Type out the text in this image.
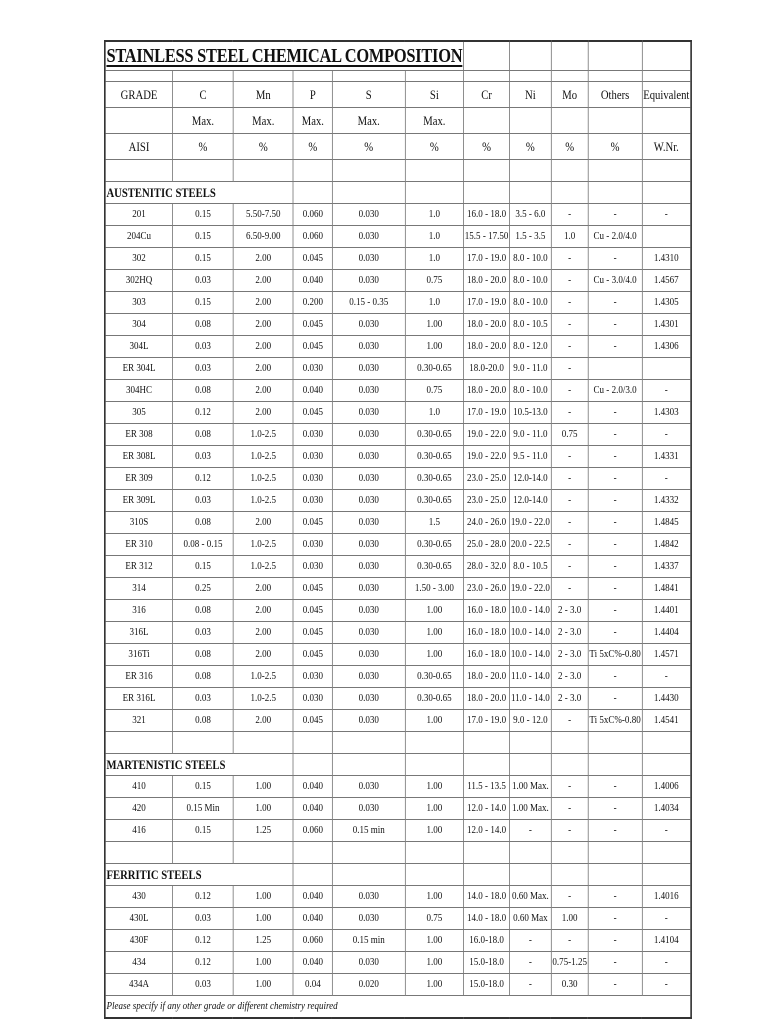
STAINLESS STEEL CHEMICAL COMPOSITION										

GRADE	C	Mn	P	S	Si	Cr	Ni	Mo	Others	Equivalent
	Max.	Max.	Max.	Max.	Max.					
AISI	%	%	%	%	%	%	%	%	%	W.Nr.

AUSTENITIC STEELS										
201	0.15	5.50-7.50	0.060	0.030	1.0	16.0 - 18.0	3.5 - 6.0	-	-	-
204Cu	0.15	6.50-9.00	0.060	0.030	1.0	15.5 - 17.50	1.5 - 3.5	1.0	Cu - 2.0/4.0	
302	0.15	2.00	0.045	0.030	1.0	17.0 - 19.0	8.0 - 10.0	-	-	1.4310
302HQ	0.03	2.00	0.040	0.030	0.75	18.0 - 20.0	8.0 - 10.0	-	Cu - 3.0/4.0	1.4567
303	0.15	2.00	0.200	0.15 - 0.35	1.0	17.0 - 19.0	8.0 - 10.0	-	-	1.4305
304	0.08	2.00	0.045	0.030	1.00	18.0 - 20.0	8.0 - 10.5	-	-	1.4301
304L	0.03	2.00	0.045	0.030	1.00	18.0 - 20.0	8.0 - 12.0	-	-	1.4306
ER 304L	0.03	2.00	0.030	0.030	0.30-0.65	18.0-20.0	9.0 - 11.0	-		
304HC	0.08	2.00	0.040	0.030	0.75	18.0 - 20.0	8.0 - 10.0	-	Cu - 2.0/3.0	-
305	0.12	2.00	0.045	0.030	1.0	17.0 - 19.0	10.5-13.0	-	-	1.4303
ER 308	0.08	1.0-2.5	0.030	0.030	0.30-0.65	19.0 - 22.0	9.0 - 11.0	0.75	-	-
ER 308L	0.03	1.0-2.5	0.030	0.030	0.30-0.65	19.0 - 22.0	9.5 - 11.0	-	-	1.4331
ER 309	0.12	1.0-2.5	0.030	0.030	0.30-0.65	23.0 - 25.0	12.0-14.0	-	-	-
ER 309L	0.03	1.0-2.5	0.030	0.030	0.30-0.65	23.0 - 25.0	12.0-14.0	-	-	1.4332
310S	0.08	2.00	0.045	0.030	1.5	24.0 - 26.0	19.0 - 22.0	-	-	1.4845
ER 310	0.08 - 0.15	1.0-2.5	0.030	0.030	0.30-0.65	25.0 - 28.0	20.0 - 22.5	-	-	1.4842
ER 312	0.15	1.0-2.5	0.030	0.030	0.30-0.65	28.0 - 32.0	8.0 - 10.5	-	-	1.4337
314	0.25	2.00	0.045	0.030	1.50 - 3.00	23.0 - 26.0	19.0 - 22.0	-	-	1.4841
316	0.08	2.00	0.045	0.030	1.00	16.0 - 18.0	10.0 - 14.0	2 - 3.0	-	1.4401
316L	0.03	2.00	0.045	0.030	1.00	16.0 - 18.0	10.0 - 14.0	2 - 3.0	-	1.4404
316Ti	0.08	2.00	0.045	0.030	1.00	16.0 - 18.0	10.0 - 14.0	2 - 3.0	Ti 5xC%-0.80	1.4571
ER 316	0.08	1.0-2.5	0.030	0.030	0.30-0.65	18.0 - 20.0	11.0 - 14.0	2 - 3.0	-	-
ER 316L	0.03	1.0-2.5	0.030	0.030	0.30-0.65	18.0 - 20.0	11.0 - 14.0	2 - 3.0	-	1.4430
321	0.08	2.00	0.045	0.030	1.00	17.0 - 19.0	9.0 - 12.0	-	Ti 5xC%-0.80	1.4541

MARTENISTIC STEELS										
410	0.15	1.00	0.040	0.030	1.00	11.5 - 13.5	1.00 Max.	-	-	1.4006
420	0.15 Min	1.00	0.040	0.030	1.00	12.0 - 14.0	1.00 Max.	-	-	1.4034
416	0.15	1.25	0.060	0.15 min	1.00	12.0 - 14.0	-	-	-	-

FERRITIC STEELS										
430	0.12	1.00	0.040	0.030	1.00	14.0 - 18.0	0.60 Max.	-	-	1.4016
430L	0.03	1.00	0.040	0.030	0.75	14.0 - 18.0	0.60 Max	1.00	-	-
430F	0.12	1.25	0.060	0.15 min	1.00	16.0-18.0	-	-	-	1.4104
434	0.12	1.00	0.040	0.030	1.00	15.0-18.0	-	0.75-1.25	-	-
434A	0.03	1.00	0.04	0.020	1.00	15.0-18.0	-	0.30	-	-
Please specify if any other grade or different chemistry required										
